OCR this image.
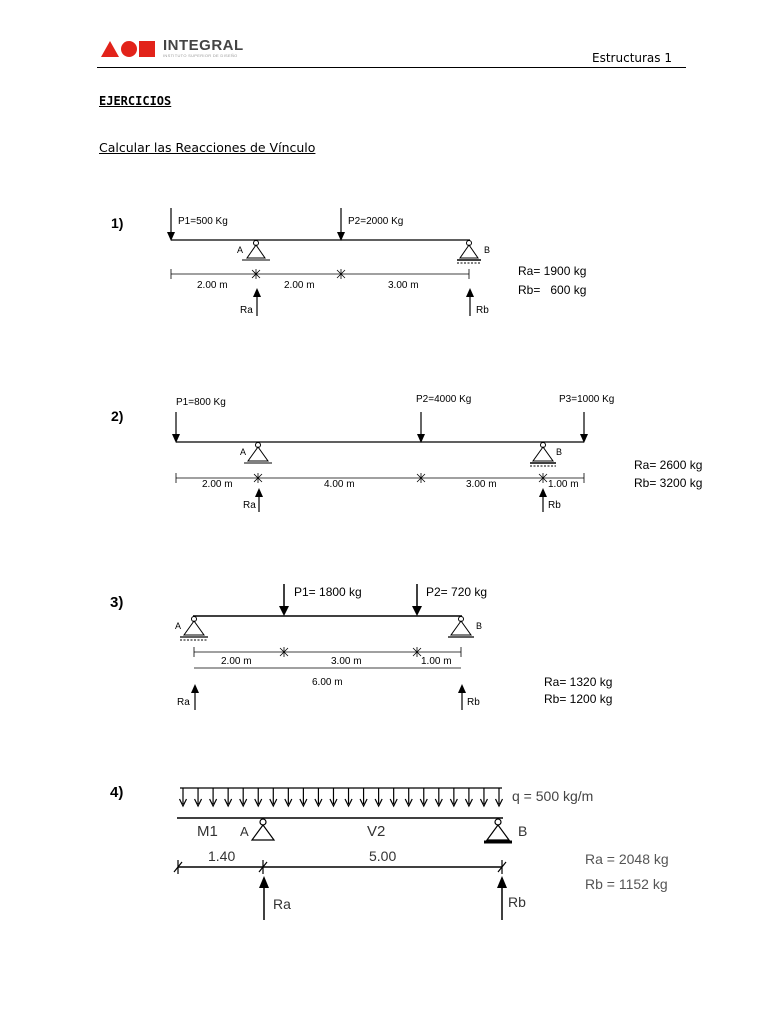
INTEGRAL
INSTITUTO SUPERIOR DE DISEÑO	Estructuras 1
EJERCICIOS
Calcular las Reacciones de Vínculo
1)	P1=500 Kg	P2=2000 Kg
A	B
2.00 m	2.00 m	3.00 m
Ra	Rb
Ra= 1900 kg
Rb=   600 kg
2)
P1=800 Kg	P2=4000 Kg	P3=1000 Kg
A	B
2.00 m	4.00 m	3.00 m	1.00 m
Ra	Rb
Ra= 2600 kg
Rb= 3200 kg
3)
P1= 1800 kg	P2= 720 kg
A	B
2.00 m	3.00 m	1.00 m
6.00 m
Ra	Rb
Ra= 1320 kg
Rb= 1200 kg
4)	q = 500 kg/m
M1	V2
A	B
1.40	5.00
Ra	Rb
Ra = 2048 kg
Rb = 1152 kg
